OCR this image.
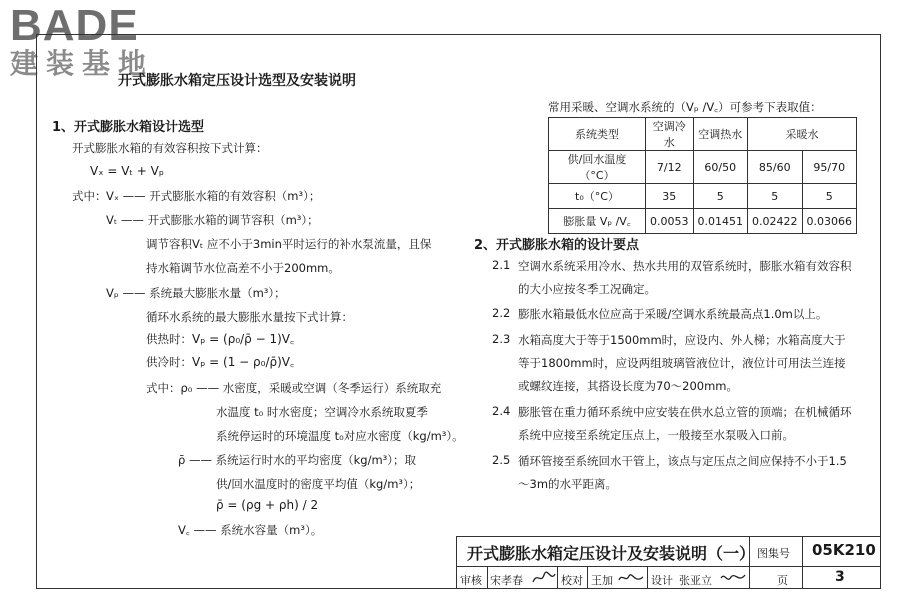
BADE
建装基地
开式膨胀水箱定压设计选型及安装说明
1、开式膨胀水箱设计选型
开式膨胀水箱的有效容积按下式计算：
Vₓ = Vₜ + Vₚ
式中： Vₓ —— 开式膨胀水箱的有效容积（m³）；
Vₜ —— 开式膨胀水箱的调节容积（m³）；
调节容积Vₜ 应不小于3min平时运行的补水泵流量，且保
持水箱调节水位高差不小于200mm。
Vₚ —— 系统最大膨胀水量（m³）；
循环水系统的最大膨胀水量按下式计算：
供热时： Vₚ = (ρ₀/ρ̄ − 1)V꜀
供冷时： Vₚ = (1 − ρ₀/ρ̄)V꜀
式中：ρ₀ —— 水密度，采暖或空调（冬季运行）系统取充
水温度 t₀ 时水密度；空调冷水系统取夏季
系统停运时的环境温度 t₀对应水密度（kg/m³）。
ρ̄ —— 系统运行时水的平均密度（kg/m³）；取
供/回水温度时的密度平均值（kg/m³）；
ρ̄ = (ρg + ρh) / 2
V꜀ —— 系统水容量（m³）。
常用采暖、空调水系统的（Vₚ /V꜀）可参考下表取值：
系统类型	空调冷水	空调热水	采暖水	
供/回水温度（°C）	7/12	60/50	85/60	95/70
t₀（°C）	35	5	5	5
膨胀量 Vₚ /V꜀	0.0053	0.01451	0.02422	0.03066
2、开式膨胀水箱的设计要点
2.1 空调水系统采用冷水、热水共用的双管系统时，膨胀水箱有效容积
的大小应按冬季工况确定。
2.2 膨胀水箱最低水位应高于采暖/空调水系统最高点1.0m以上。
2.3 水箱高度大于等于1500mm时，应设内、外人梯；水箱高度大于
等于1800mm时，应设两组玻璃管液位计，液位计可用法兰连接
或螺纹连接，其搭设长度为70～200mm。
2.4 膨胀管在重力循环系统中应安装在供水总立管的顶端；在机械循环
系统中应接至系统定压点上，一般接至水泵吸入口前。
2.5 循环管接至系统回水干管上，该点与定压点之间应保持不小于1.5
～3m的水平距离。
开式膨胀水箱定压设计及安装说明（一） 图集号 05K210
审核 宋孝春	校对 王加	设计 张亚立	页	3
